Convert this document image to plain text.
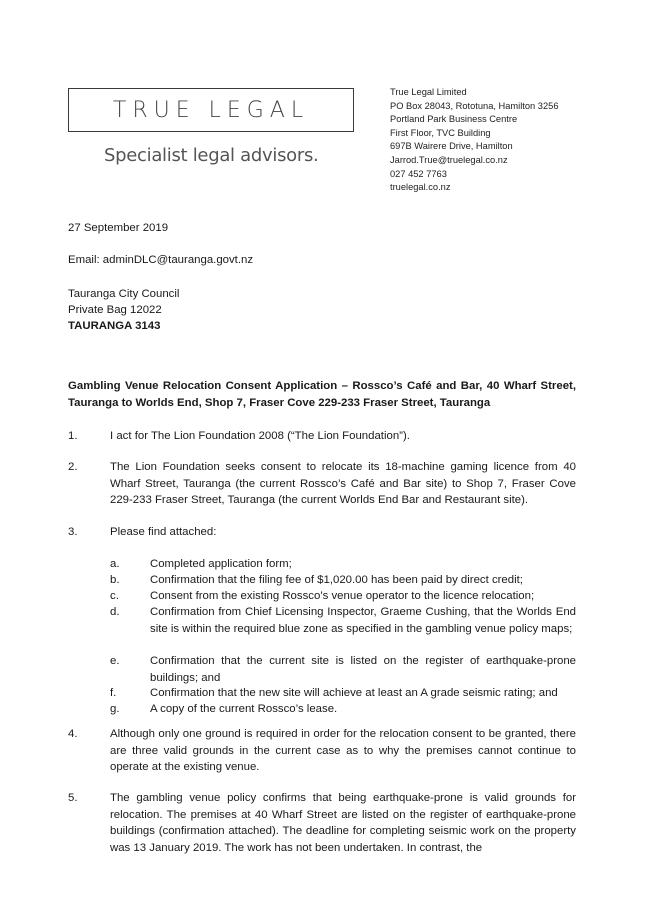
TRUE LEGAL
Specialist legal advisors.
True Legal Limited
PO Box 28043, Rototuna, Hamilton 3256
Portland Park Business Centre
First Floor, TVC Building
697B Wairere Drive, Hamilton
Jarrod.True@truelegal.co.nz
027 452 7763
truelegal.co.nz
27 September 2019
Email: adminDLC@tauranga.govt.nz
Tauranga City Council
Private Bag 12022
TAURANGA 3143
Gambling Venue Relocation Consent Application – Rossco’s Café and Bar, 40 Wharf Street, Tauranga to Worlds End, Shop 7, Fraser Cove 229-233 Fraser Street, Tauranga
1.	I act for The Lion Foundation 2008 (“The Lion Foundation”).
2.	The Lion Foundation seeks consent to relocate its 18-machine gaming licence from 40 Wharf Street, Tauranga (the current Rossco’s Café and Bar site) to Shop 7, Fraser Cove 229-233 Fraser Street, Tauranga (the current Worlds End Bar and Restaurant site).
3.	Please find attached:
a.	Completed application form;
b.	Confirmation that the filing fee of $1,020.00 has been paid by direct credit;
c.	Consent from the existing Rossco’s venue operator to the licence relocation;
d.	Confirmation from Chief Licensing Inspector, Graeme Cushing, that the Worlds End site is within the required blue zone as specified in the gambling venue policy maps;
e.	Confirmation that the current site is listed on the register of earthquake-prone buildings; and
f.	Confirmation that the new site will achieve at least an A grade seismic rating; and
g.	A copy of the current Rossco’s lease.
4.	Although only one ground is required in order for the relocation consent to be granted, there are three valid grounds in the current case as to why the premises cannot continue to operate at the existing venue.
5.	The gambling venue policy confirms that being earthquake-prone is valid grounds for relocation. The premises at 40 Wharf Street are listed on the register of earthquake-prone buildings (confirmation attached). The deadline for completing seismic work on the property was 13 January 2019. The work has not been undertaken. In contrast, the
